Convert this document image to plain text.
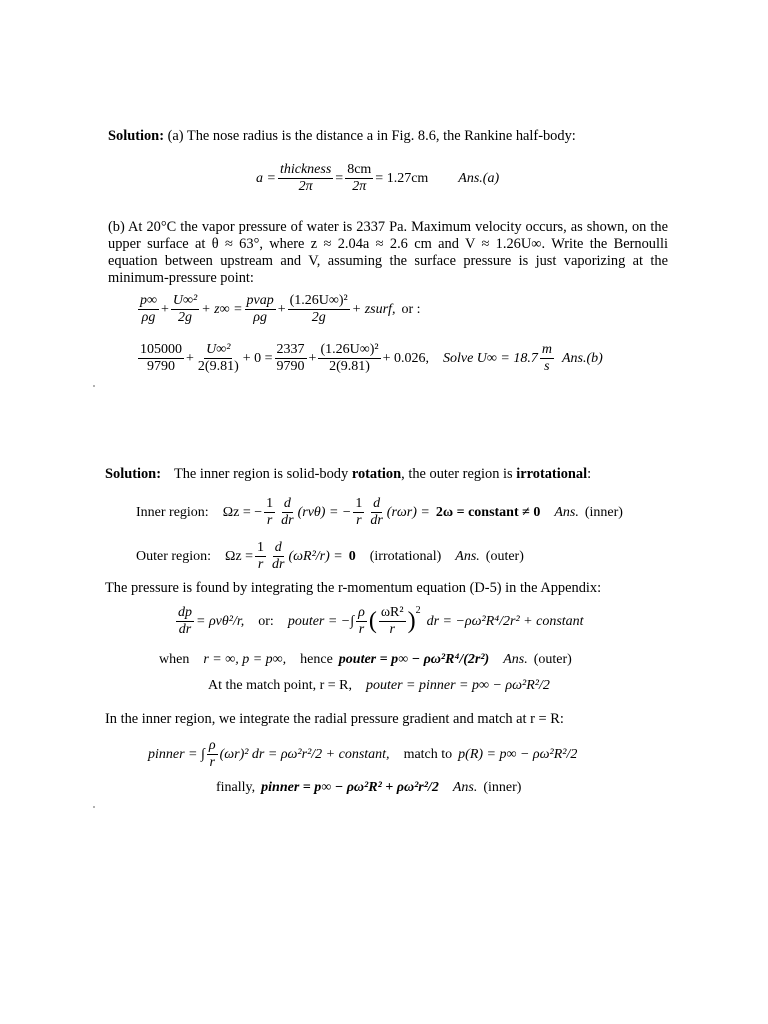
Solution: (a) The nose radius is the distance a in Fig. 8.6, the Rankine half-body:
$a = \frac{\text{thickness}}{2\pi} = \frac{8cm}{2\pi} = 1.27cm$ Ans.(a)
(b) At 20°C the vapor pressure of water is 2337 Pa. Maximum velocity occurs, as shown, on the upper surface at θ ≈ 63°, where z ≈ 2.04a ≈ 2.6 cm and V ≈ 1.26U∞. Write the Bernoulli equation between upstream and V, assuming the surface pressure is just vaporizing at the minimum-pressure point:
$\frac{p\infty}{\rho g} + \frac{\text{U∞²}}{2g} + z\infty = \frac{\text{pvap}}{\rho g} + \frac{\text{(1.26U∞)²}}{2g}$ + zsurf, or :
$\frac{105000}{9790} + \frac{\text{U∞²}}{2(9.81)} + 0 = \frac{2337}{9790} + \frac{\text{(1.26U∞)²}}{2(9.81)} + 0.026$, Solve $U\infty = 18.7 \frac{m}{s} Ans.(b)$
Solution: The inner region is solid-body rotation, the outer region is irrotational:
Inner region: Ωz = − $\frac{1}{r} \frac{d}{dr} (rv\theta)$ = − $\frac{1}{r} \frac{d}{dr} (r\omega r) = 2\omega$ = constant ≠ 0 Ans. (inner)
Outer region: $\Omega z = \frac{1}{r} \frac{d}{dr} (\omega R^2/r) = 0$ (irrotational) Ans. (outer)
The pressure is found by integrating the r-momentum equation (D-5) in the Appendix:
$\frac{dp}{dr} = \rho v\theta^2/r$, or: pouter = −∫ $\frac{\rho}{r}$ ( $\frac{\text{ωR²}}{r}$ ) 2
dr = −ρω²R⁴/2r² + constant
when r = ∞, p = p∞, hence pouter = p∞ − ρω²R⁴/(2r²) Ans. (outer)
At the match point, r = R, pouter = pinner = p∞ − ρω²R²/2
In the inner region, we integrate the radial pressure gradient and match at r = R:
pinner = ∫ $\frac{\rho}{r} (\omega r)^2$ dr = ρω²r²/2 + constant, match to p(R) = p∞ − ρω²R²/2
finally, pinner = p∞ − ρω²R² + ρω²r²/2 Ans. (inner)
